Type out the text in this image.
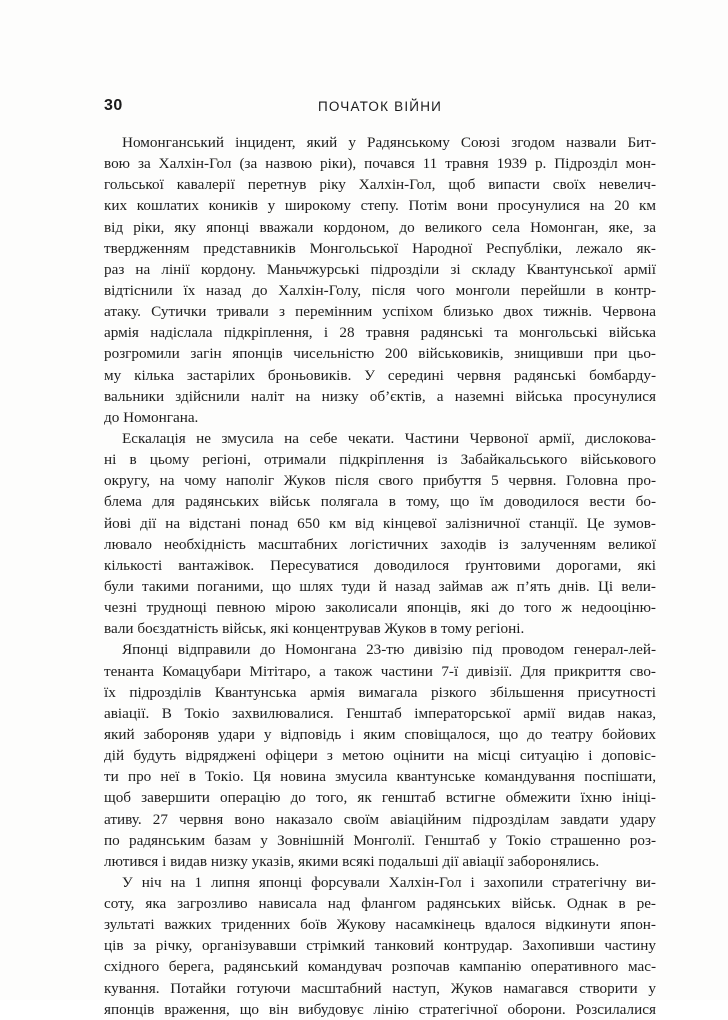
30	ПОЧАТОК ВІЙНИ

Номонганський інцидент, який у Радянському Союзі згодом назвали Бит-
вою за Халхін-Гол (за назвою ріки), почався 11 травня 1939 р. Підрозділ мон-
гольської кавалерії перетнув ріку Халхін-Гол, щоб випасти своїх невелич-
ких кошлатих коників у широкому степу. Потім вони просунулися на 20 км
від ріки, яку японці вважали кордоном, до великого села Номонган, яке, за
твердженням представників Монгольської Народної Республіки, лежало як-
раз на лінії кордону. Маньчжурські підрозділи зі складу Квантунської армії
відтіснили їх назад до Халхін-Голу, після чого монголи перейшли в контр-
атаку. Сутички тривали з перемінним успіхом близько двох тижнів. Червона
армія надіслала підкріплення, і 28 травня радянські та монгольські війська
розгромили загін японців чисельністю 200 військовиків, знищивши при цьо-
му кілька застарілих броньовиків. У середині червня радянські бомбарду-
вальники здійснили наліт на низку об’єктів, а наземні війська просунулися
до Номонгана.

Ескалація не змусила на себе чекати. Частини Червоної армії, дислокова-
ні в цьому регіоні, отримали підкріплення із Забайкальського військового
округу, на чому наполіг Жуков після свого прибуття 5 червня. Головна про-
блема для радянських військ полягала в тому, що їм доводилося вести бо-
йові дії на відстані понад 650 км від кінцевої залізничної станції. Це зумов-
лювало необхідність масштабних логістичних заходів із залученням великої
кількості вантажівок. Пересуватися доводилося ґрунтовими дорогами, які
були такими поганими, що шлях туди й назад займав аж п’ять днів. Ці вели-
чезні труднощі певною мірою заколисали японців, які до того ж недооціню-
вали боєздатність військ, які концентрував Жуков в тому регіоні.

Японці відправили до Номонгана 23-тю дивізію під проводом генерал-лей-
тенанта Комацубари Мітітаро, а також частини 7-ї дивізії. Для прикриття сво-
їх підрозділів Квантунська армія вимагала різкого збільшення присутності
авіації. В Токіо захвилювалися. Генштаб імператорської армії видав наказ,
який забороняв удари у відповідь і яким сповіщалося, що до театру бойових
дій будуть відряджені офіцери з метою оцінити на місці ситуацію і доповіс-
ти про неї в Токіо. Ця новина змусила квантунське командування поспішати,
щоб завершити операцію до того, як генштаб встигне обмежити їхню ініці-
ативу. 27 червня воно наказало своїм авіаційним підрозділам завдати удару
по радянським базам у Зовнішній Монголії. Генштаб у Токіо страшенно роз-
лютився і видав низку указів, якими всякі подальші дії авіації заборонялись.

У ніч на 1 липня японці форсували Халхін-Гол і захопили стратегічну ви-
соту, яка загрозливо нависала над флангом радянських військ. Однак в ре-
зультаті важких триденних боїв Жукову насамкінець вдалося відкинути япон-
ців за річку, організувавши стрімкий танковий контрудар. Захопивши частину
східного берега, радянський командувач розпочав кампанію оперативного мас-
кування. Потайки готуючи масштабний наступ, Жуков намагався створити у
японців враження, що він вибудовує лінію стратегічної оборони. Розсилалися
